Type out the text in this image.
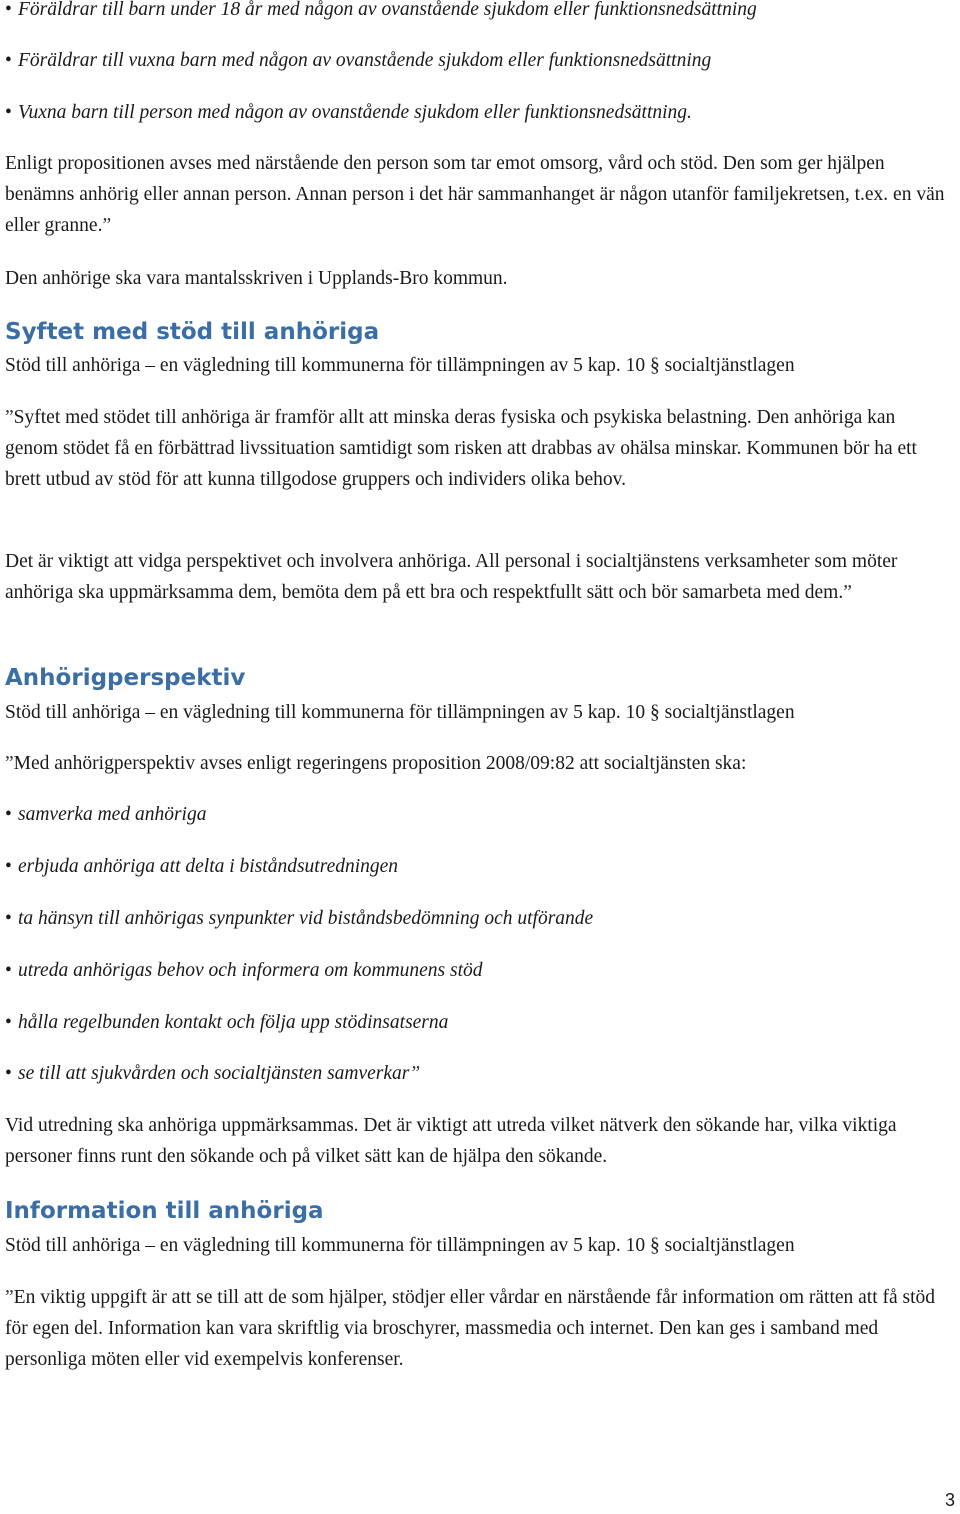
• Föräldrar till barn under 18 år med någon av ovanstående sjukdom eller funktionsnedsättning

• Föräldrar till vuxna barn med någon av ovanstående sjukdom eller funktionsnedsättning

• Vuxna barn till person med någon av ovanstående sjukdom eller funktionsnedsättning.

Enligt propositionen avses med närstående den person som tar emot omsorg, vård och stöd. Den som ger hjälpen benämns anhörig eller annan person. Annan person i det här sammanhanget är någon utanför familjekretsen, t.ex. en vän eller granne.”

Den anhörige ska vara mantalsskriven i Upplands-Bro kommun.

Syftet med stöd till anhöriga

Stöd till anhöriga – en vägledning till kommunerna för tillämpningen av 5 kap. 10 § socialtjänstlagen

”Syftet med stödet till anhöriga är framför allt att minska deras fysiska och psykiska belastning. Den anhöriga kan genom stödet få en förbättrad livssituation samtidigt som risken att drabbas av ohälsa minskar. Kommunen bör ha ett brett utbud av stöd för att kunna tillgodose gruppers och individers olika behov.

Det är viktigt att vidga perspektivet och involvera anhöriga. All personal i socialtjänstens verksamheter som möter anhöriga ska uppmärksamma dem, bemöta dem på ett bra och respektfullt sätt och bör samarbeta med dem.”

Anhörigperspektiv

Stöd till anhöriga – en vägledning till kommunerna för tillämpningen av 5 kap. 10 § socialtjänstlagen

”Med anhörigperspektiv avses enligt regeringens proposition 2008/09:82 att socialtjänsten ska:

• samverka med anhöriga

• erbjuda anhöriga att delta i biståndsutredningen

• ta hänsyn till anhörigas synpunkter vid biståndsbedömning och utförande

• utreda anhörigas behov och informera om kommunens stöd

• hålla regelbunden kontakt och följa upp stödinsatserna

• se till att sjukvården och socialtjänsten samverkar”

Vid utredning ska anhöriga uppmärksammas. Det är viktigt att utreda vilket nätverk den sökande har, vilka viktiga personer finns runt den sökande och på vilket sätt kan de hjälpa den sökande.

Information till anhöriga

Stöd till anhöriga – en vägledning till kommunerna för tillämpningen av 5 kap. 10 § socialtjänstlagen

”En viktig uppgift är att se till att de som hjälper, stödjer eller vårdar en närstående får information om rätten att få stöd för egen del. Information kan vara skriftlig via broschyrer, massmedia och internet. Den kan ges i samband med personliga möten eller vid exempelvis konferenser.

3
